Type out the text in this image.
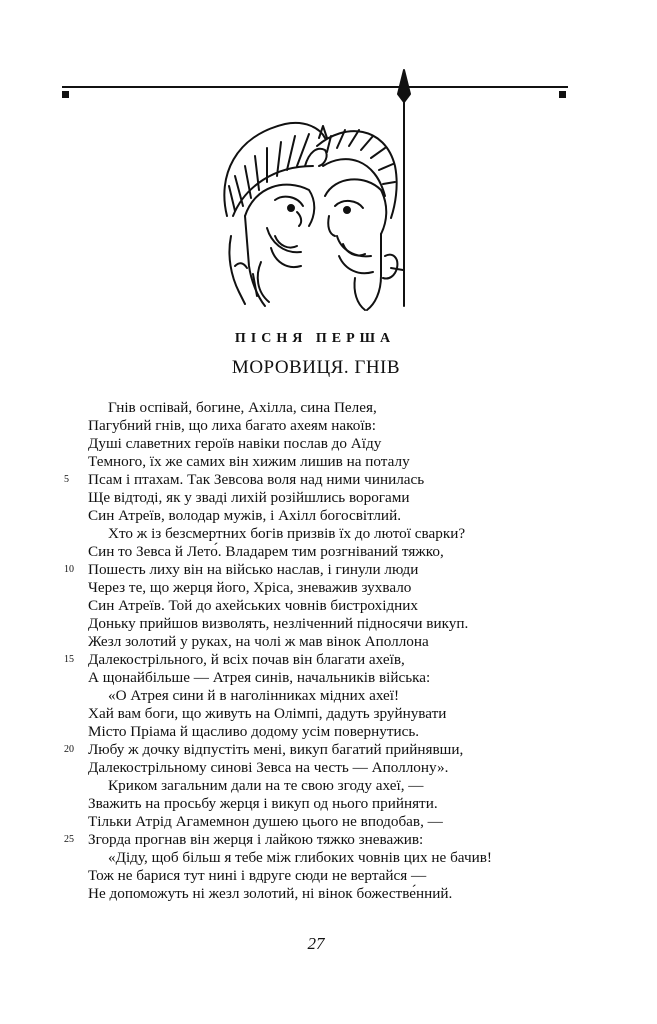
ПІСНЯ ПЕРША
МОРОВИЦЯ. ГНІВ
Гнів оспівай, богине, Ахілла, сина Пелея,
Пагубний гнів, що лиха багато ахеям накоїв:
Душі славетних героїв навіки послав до Аїду
Темного, їх же самих він хижим лишив на поталу
5 Псам і птахам. Так Зевсова воля над ними чинилась
Ще відтоді, як у зваді лихій розійшлись ворогами
Син Атреїв, володар мужів, і Ахілл богосвітлий.
Хто ж із безсмертних богів призвів їх до лютої сварки?
Син то Зевса й Лето́. Владарем тим розгніваний тяжко,
10 Пошесть лиху він на військо наслав, і гинули люди
Через те, що жерця його, Хріса, зневажив зухвало
Син Атреїв. Той до ахейських човнів бистрохідних
Доньку прийшов визволять, незліченний підносячи викуп.
Жезл золотий у руках, на чолі ж мав вінок Аполлона
15 Далекострільного, й всіх почав він благати ахеїв,
А щонайбільше — Атрея синів, начальників війська:
«О Атрея сини й в наголінниках мідних ахеї!
Хай вам боги, що живуть на Олімпі, дадуть зруйнувати
Місто Пріама й щасливо додому усім повернутись.
20 Любу ж дочку відпустіть мені, викуп багатий прийнявши,
Далекострільному синові Зевса на честь — Аполлону».
Криком загальним дали на те свою згоду ахеї, —
Зважить на просьбу жерця і викуп од нього прийняти.
Тільки Атрід Агамемнон душею цього не вподобав, —
25 Згорда прогнав він жерця і лайкою тяжко зневажив:
«Діду, щоб більш я тебе між глибоких човнів цих не бачив!
Тож не барися тут нині і вдруге сюди не вертайся —
Не допоможуть ні жезл золотий, ні вінок божестве́нний.
27
